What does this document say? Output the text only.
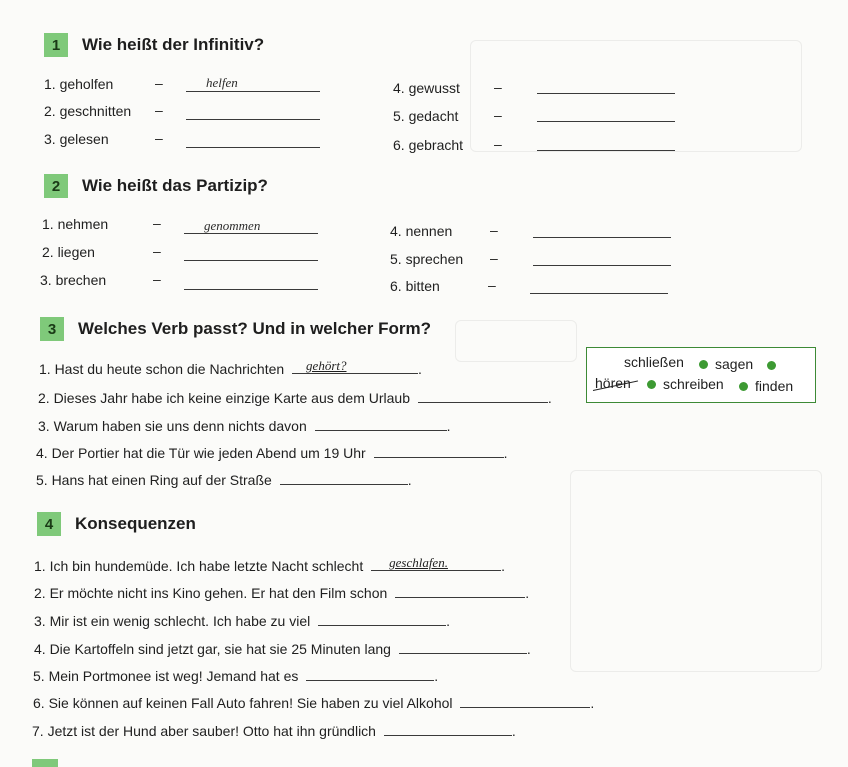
1	Wie heißt der Infinitiv?
1. geholfen	–	helfen
2. geschnitten –
3. gelesen	–
4. gewusst –
5. gedacht	–
6. gebracht –
2	Wie heißt das Partizip?
1. nehmen	–	genommen
2. liegen	–
3. brechen	–
4. nennen	–
5. sprechen –
6. bitten	–
3	Welches Verb passt? Und in welcher Form?
1. Hast du heute schon die Nachrichten gehört?	.
2. Dieses Jahr habe ich keine einzige Karte aus dem Urlaub	.
3. Warum haben sie uns denn nichts davon	.
4. Der Portier hat die Tür wie jeden Abend um 19 Uhr	.
5. Hans hat einen Ring auf der Straße	.
schließen sagen
hören schreiben finden
4	Konsequenzen
1. Ich bin hundemüde. Ich habe letzte Nacht schlecht geschlafen.	.
2. Er möchte nicht ins Kino gehen. Er hat den Film schon	.
3. Mir ist ein wenig schlecht. Ich habe zu viel	.
4. Die Kartoffeln sind jetzt gar, sie hat sie 25 Minuten lang	.
5. Mein Portmonee ist weg! Jemand hat es	.
6. Sie können auf keinen Fall Auto fahren! Sie haben zu viel Alkohol	.
7. Jetzt ist der Hund aber sauber! Otto hat ihn gründlich	.
